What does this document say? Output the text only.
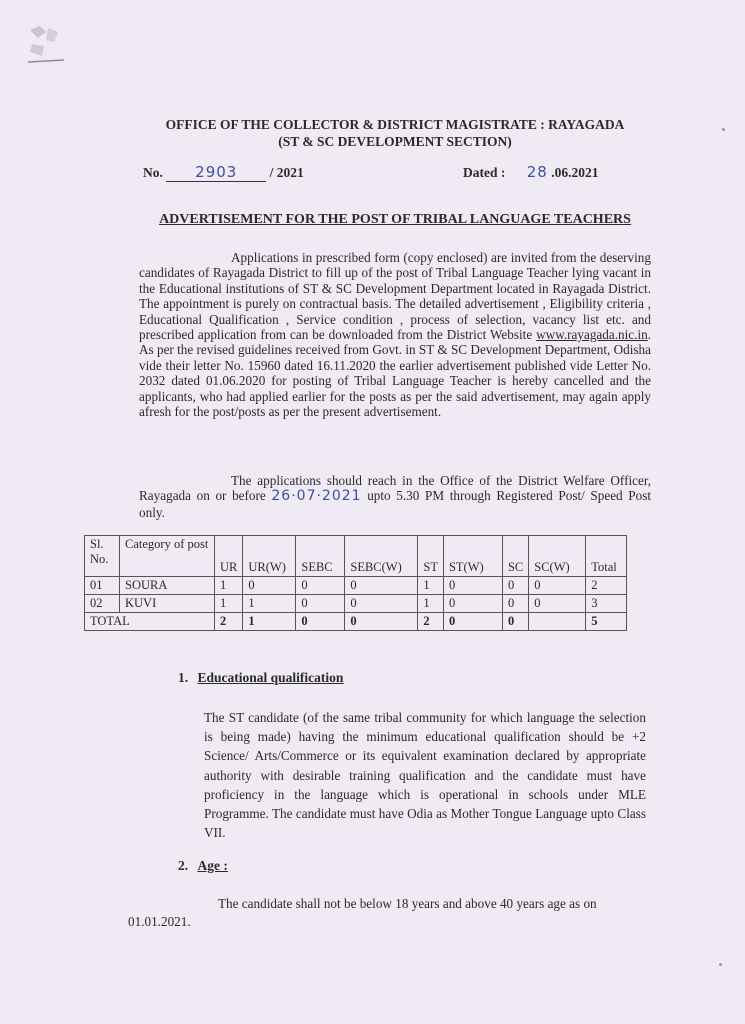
OFFICE OF THE COLLECTOR & DISTRICT MAGISTRATE : RAYAGADA
(ST & SC DEVELOPMENT SECTION)
No. 2903 / 2021	Dated : 28 .06.2021
ADVERTISEMENT FOR THE POST OF TRIBAL LANGUAGE TEACHERS

Applications in prescribed form (copy enclosed) are invited from the deserving candidates of Rayagada District to fill up of the post of Tribal Language Teacher lying vacant in the Educational institutions of ST & SC Development Department located in Rayagada District. The appointment is purely on contractual basis. The detailed advertisement , Eligibility criteria , Educational Qualification , Service condition , process of selection, vacancy list etc. and prescribed application from can be downloaded from the District Website www.rayagada.nic.in. As per the revised guidelines received from Govt. in ST & SC Development Department, Odisha vide their letter No. 15960 dated 16.11.2020 the earlier advertisement published vide Letter No. 2032 dated 01.06.2020 for posting of Tribal Language Teacher is hereby cancelled and the applicants, who had applied earlier for the posts as per the said advertisement, may again apply afresh for the post/posts as per the present advertisement.

The applications should reach in the Office of the District Welfare Officer, Rayagada on or before 26·07·2021 upto 5.30 PM through Registered Post/ Speed Post only.

Sl. No.	Category of post	UR	UR(W)	SEBC	SEBC(W)	ST	ST(W)	SC	SC(W)	Total
01	SOURA	1	0	0	0	1	0	0	0	2
02	KUVI	1	1	0	0	1	0	0	0	3
TOTAL		2	1	0	0	2	0	0		5
1. Educational qualification
The ST candidate (of the same tribal community for which language the selection is being made) having the minimum educational qualification should be +2 Science/ Arts/Commerce or its equivalent examination declared by appropriate authority with desirable training qualification and the candidate must have proficiency in the language which is operational in schools under MLE Programme. The candidate must have Odia as Mother Tongue Language upto Class VII.
2. Age :
The candidate shall not be below 18 years and above 40 years age as on
01.01.2021.
